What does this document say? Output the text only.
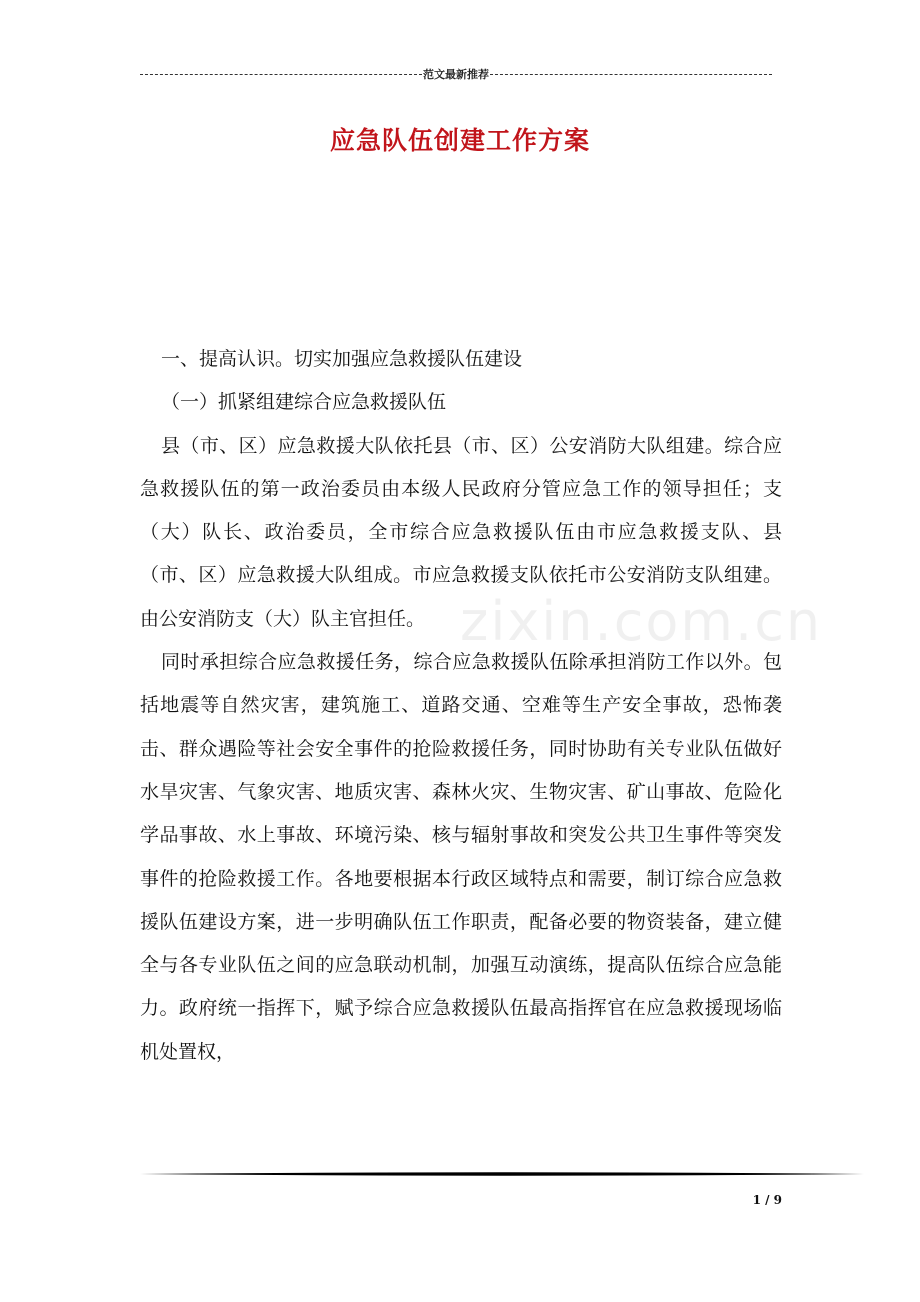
范文最新推荐
应急队伍创建工作方案
zixin.com.cn

一、提高认识。切实加强应急救援队伍建设

（一）抓紧组建综合应急救援队伍

县（市、区）应急救援大队依托县（市、区）公安消防大队组建。综合应急救援队伍的第一政治委员由本级人民政府分管应急工作的领导担任；支（大）队长、政治委员，全市综合应急救援队伍由市应急救援支队、县（市、区）应急救援大队组成。市应急救援支队依托市公安消防支队组建。由公安消防支（大）队主官担任。

同时承担综合应急救援任务，综合应急救援队伍除承担消防工作以外。包括地震等自然灾害，建筑施工、道路交通、空难等生产安全事故，恐怖袭击、群众遇险等社会安全事件的抢险救援任务，同时协助有关专业队伍做好水旱灾害、气象灾害、地质灾害、森林火灾、生物灾害、矿山事故、危险化学品事故、水上事故、环境污染、核与辐射事故和突发公共卫生事件等突发事件的抢险救援工作。各地要根据本行政区域特点和需要，制订综合应急救援队伍建设方案，进一步明确队伍工作职责，配备必要的物资装备，建立健全与各专业队伍之间的应急联动机制，加强互动演练，提高队伍综合应急能力。政府统一指挥下，赋予综合应急救援队伍最高指挥官在应急救援现场临机处置权，

1 / 9
